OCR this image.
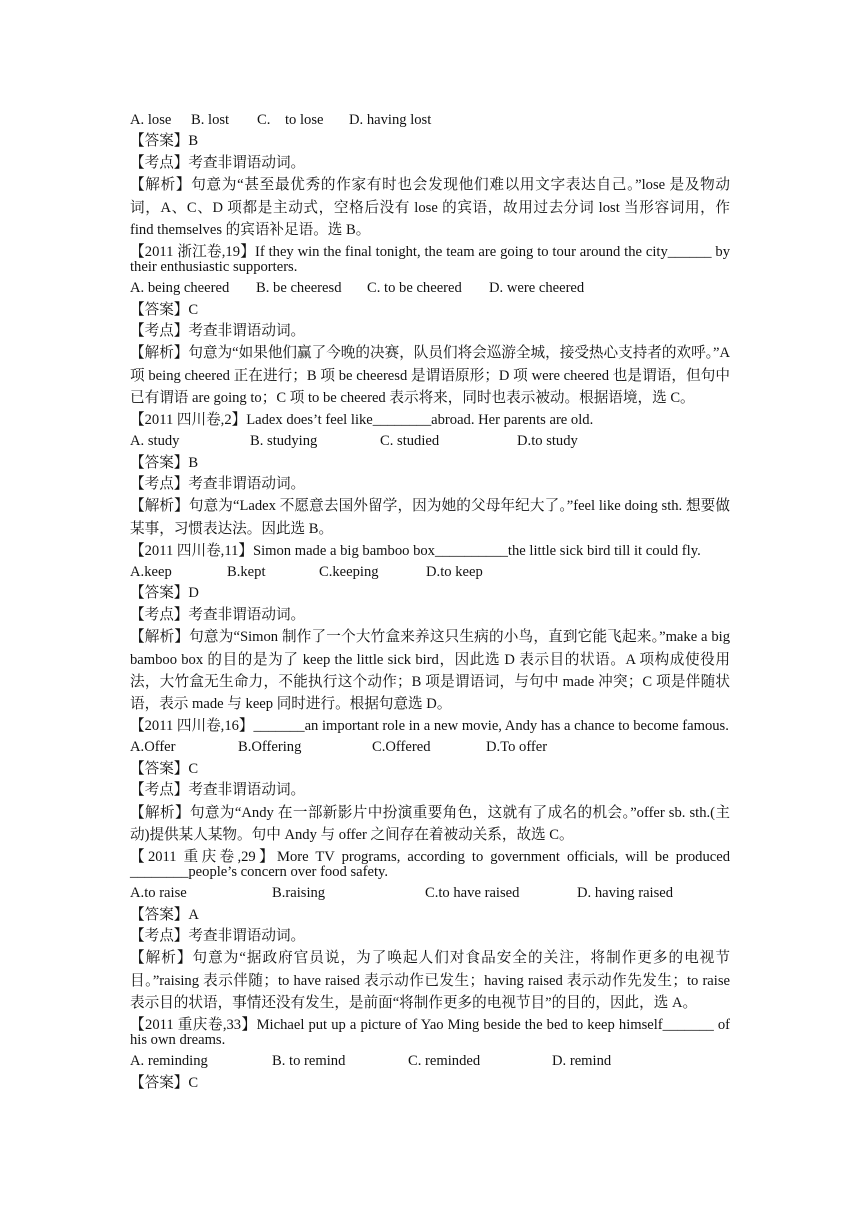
A. lose	B. lost	C.    to lose	D. having lost
【答案】B
【考点】考查非谓语动词。
【解析】句意为“甚至最优秀的作家有时也会发现他们难以用文字表达自己。”lose 是及物动词，A、C、D 项都是主动式，空格后没有 lose 的宾语，故用过去分词 lost 当形容词用，作 find themselves 的宾语补足语。选 B。
【2011 浙江卷,19】If they win the final tonight, the team are going to tour around the city______ by their enthusiastic supporters.
A. being cheered	B. be cheeresd	C. to be cheered	D. were cheered
【答案】C
【考点】考查非谓语动词。
【解析】句意为“如果他们赢了今晚的决赛，队员们将会巡游全城，接受热心支持者的欢呼。”A 项 being cheered 正在进行；B 项 be cheeresd 是谓语原形；D 项 were cheered 也是谓语，但句中已有谓语 are going to；C 项 to be cheered 表示将来，同时也表示被动。根据语境，选 C。
【2011 四川卷,2】Ladex does’t feel like________abroad. Her parents are old.
A. study	B. studying	C. studied	D.to study
【答案】B
【考点】考查非谓语动词。
【解析】句意为“Ladex 不愿意去国外留学，因为她的父母年纪大了。”feel like doing sth. 想要做某事，习惯表达法。因此选 B。
【2011 四川卷,11】Simon made a big bamboo box__________the little sick bird till it could fly.
A.keep	B.kept	C.keeping	D.to keep
【答案】D
【考点】考查非谓语动词。
【解析】句意为“Simon 制作了一个大竹盒来养这只生病的小鸟，直到它能飞起来。”make a big bamboo box 的目的是为了 keep the little sick bird，因此选 D 表示目的状语。A 项构成使役用法，大竹盒无生命力，不能执行这个动作；B 项是谓语词，与句中 made 冲突；C 项是伴随状语，表示 made 与 keep 同时进行。根据句意选 D。
【2011 四川卷,16】_______an important role in a new movie, Andy has a chance to become famous.
A.Offer	B.Offering	C.Offered	D.To offer
【答案】C
【考点】考查非谓语动词。
【解析】句意为“Andy 在一部新影片中扮演重要角色，这就有了成名的机会。”offer sb. sth.(主动)提供某人某物。句中 Andy 与 offer 之间存在着被动关系，故选 C。
【2011 重庆卷,29】More TV programs, according to government officials, will be produced ________people’s concern over food safety.
A.to raise	B.raising	C.to have raised	D. having raised
【答案】A
【考点】考查非谓语动词。
【解析】句意为“据政府官员说，为了唤起人们对食品安全的关注，将制作更多的电视节目。”raising 表示伴随；to have raised 表示动作已发生；having raised 表示动作先发生；to raise 表示目的状语，事情还没有发生，是前面“将制作更多的电视节目”的目的，因此，选 A。
【2011 重庆卷,33】Michael put up a picture of Yao Ming beside the bed to keep himself_______ of his own dreams.
A. reminding	B. to remind	C. reminded	D. remind
【答案】C
